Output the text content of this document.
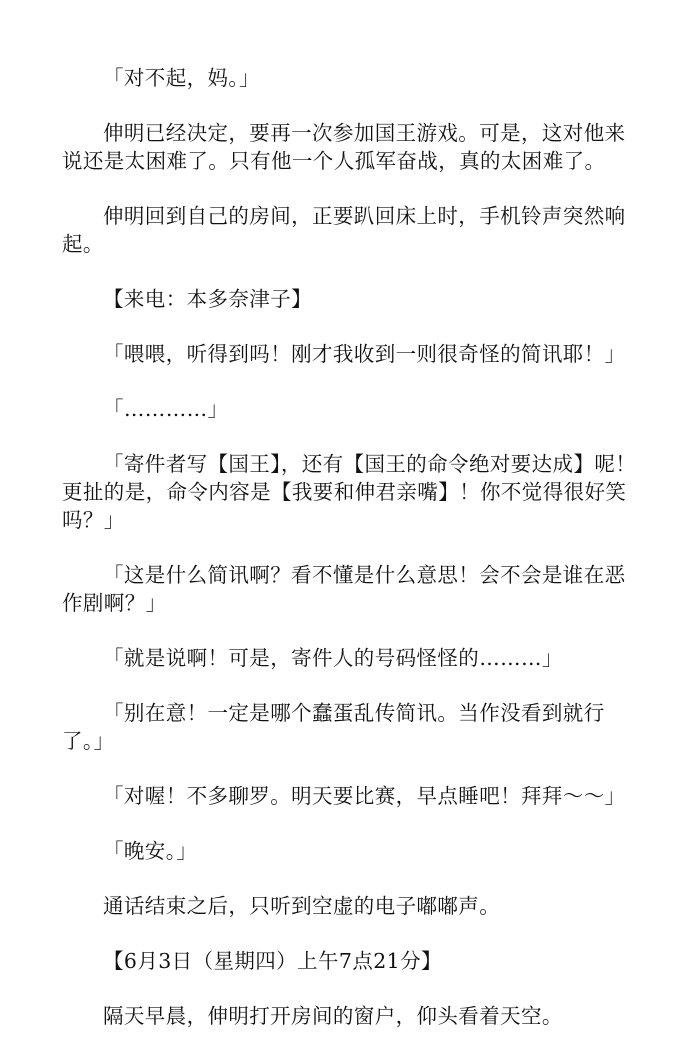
「对不起，妈。」

伸明已经决定，要再一次参加国王游戏。可是，这对他来说还是太困难了。只有他一个人孤军奋战，真的太困难了。

伸明回到自己的房间，正要趴回床上时，手机铃声突然响起。

【来电：本多奈津子】

「喂喂，听得到吗！刚才我收到一则很奇怪的简讯耶！」

「…………」

「寄件者写【国王】，还有【国王的命令绝对要达成】呢！更扯的是，命令内容是【我要和伸君亲嘴】！你不觉得很好笑吗？」

「这是什么简讯啊？看不懂是什么意思！会不会是谁在恶作剧啊？」

「就是说啊！可是，寄件人的号码怪怪的………」

「别在意！一定是哪个蠢蛋乱传简讯。当作没看到就行了。」

「对喔！不多聊罗。明天要比赛，早点睡吧！拜拜～～」

「晚安。」

通话结束之后，只听到空虚的电子嘟嘟声。

【6月3日（星期四）上午7点21分】

隔天早晨，伸明打开房间的窗户，仰头看着天空。
